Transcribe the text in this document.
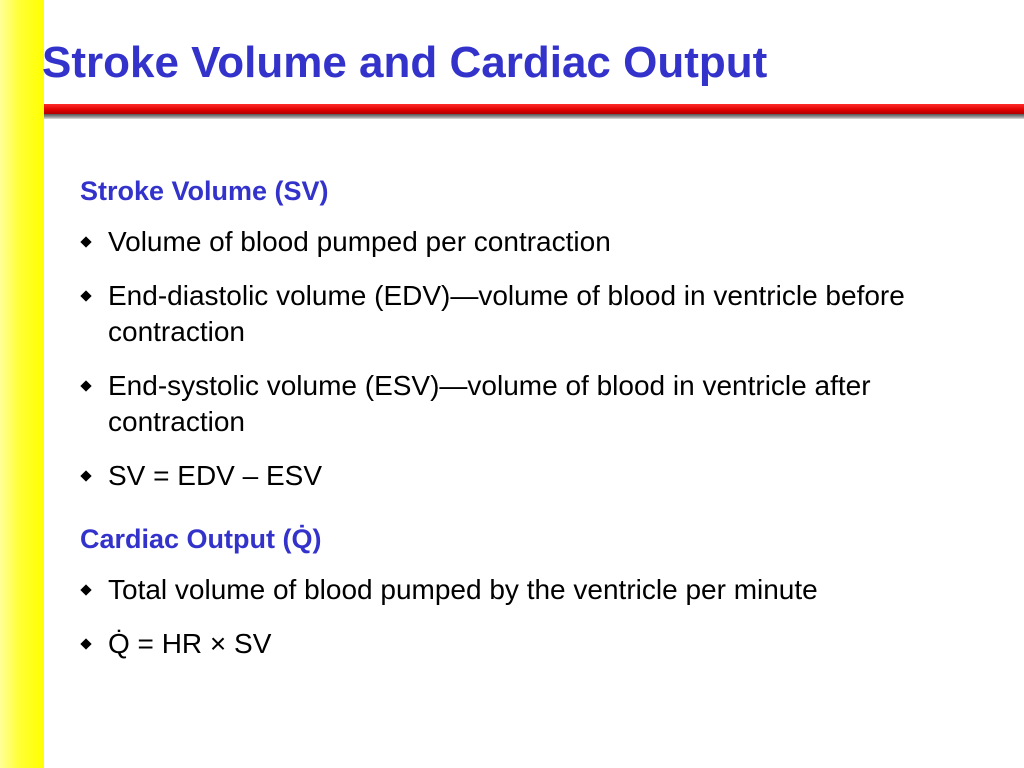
Stroke Volume and Cardiac Output
Stroke Volume (SV)
Volume of blood pumped per contraction
End-diastolic volume (EDV)—volume of blood in ventricle before contraction
End-systolic volume (ESV)—volume of blood in ventricle after contraction
SV = EDV – ESV
Cardiac Output (Q̇)
Total volume of blood pumped by the ventricle per minute
Q̇ = HR × SV
